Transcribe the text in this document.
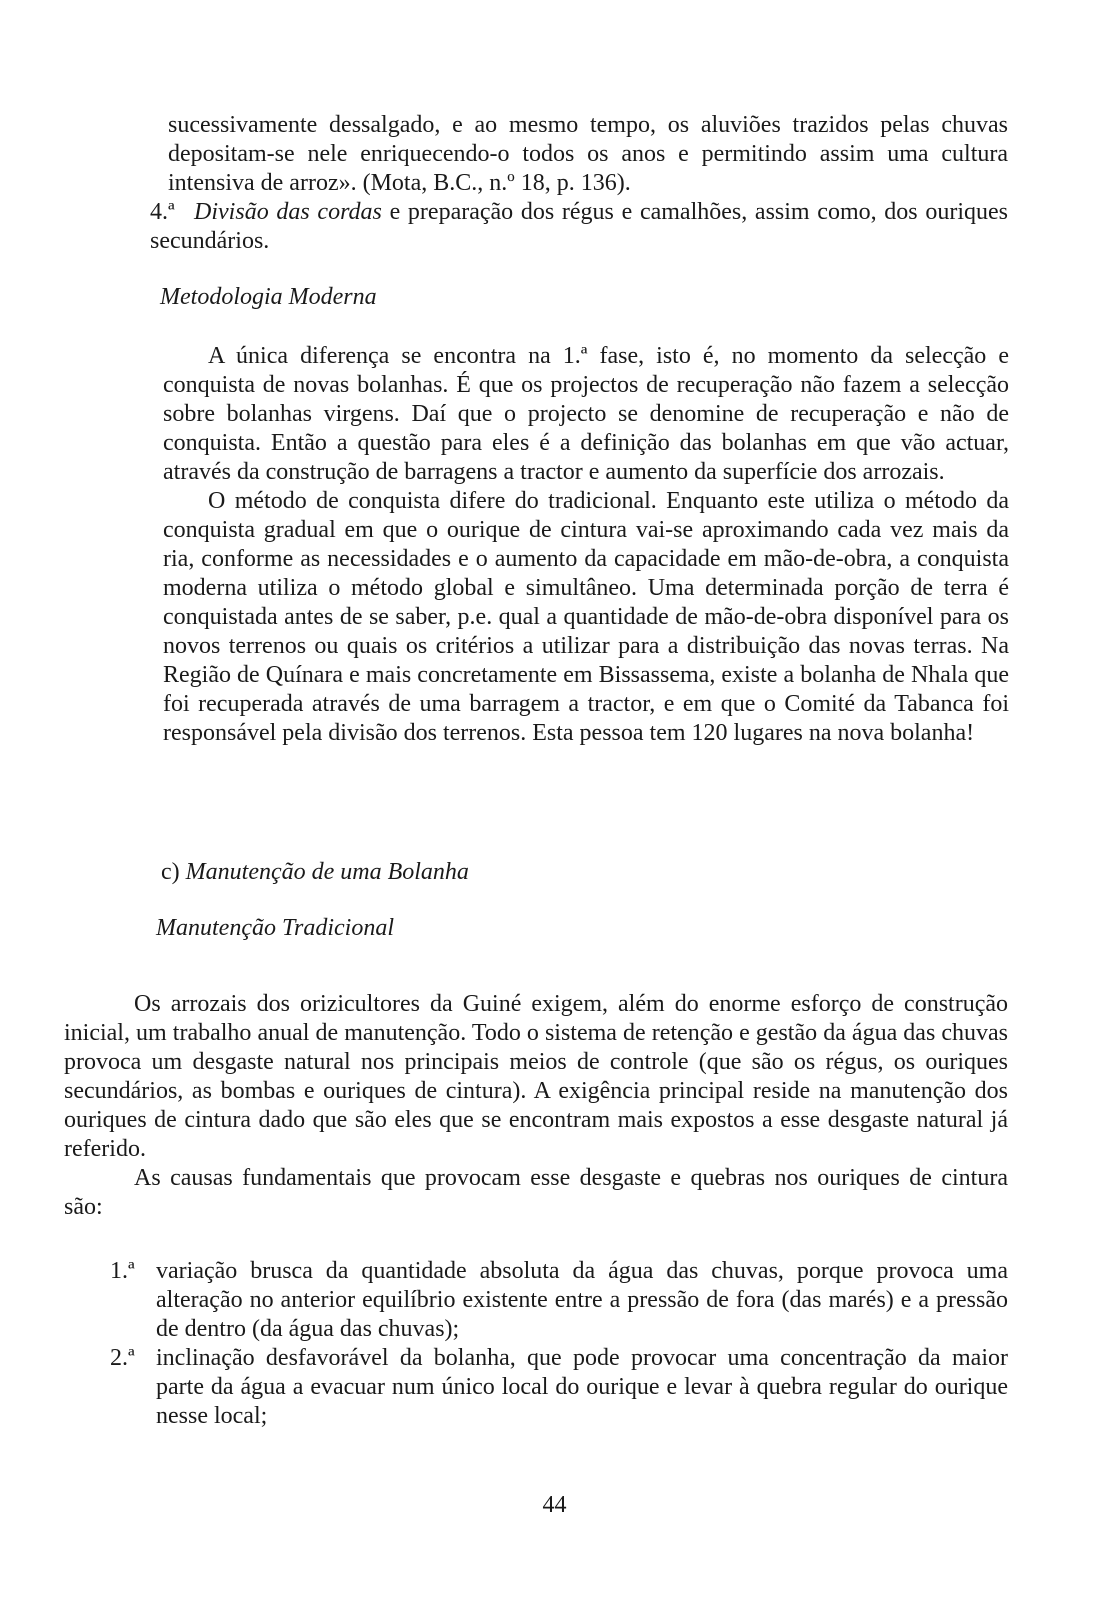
sucessivamente dessalgado, e ao mesmo tempo, os aluviões trazidos pelas chuvas depositam-se nele enriquecendo-o todos os anos e permitindo assim uma cultura intensiva de arroz». (Mota, B.C., n.º 18, p. 136).

4.ª Divisão das cordas e preparação dos régus e camalhões, assim como, dos ouriques secundários.

Metodologia Moderna

A única diferença se encontra na 1.ª fase, isto é, no momento da selecção e conquista de novas bolanhas. É que os projectos de recuperação não fazem a selecção sobre bolanhas virgens. Daí que o projecto se denomine de recuperação e não de conquista. Então a questão para eles é a definição das bolanhas em que vão actuar, através da construção de barragens a tractor e aumento da superfície dos arrozais.

O método de conquista difere do tradicional. Enquanto este utiliza o método da conquista gradual em que o ourique de cintura vai-se aproximando cada vez mais da ria, conforme as necessidades e o aumento da capacidade em mão-de-obra, a conquista moderna utiliza o método global e simultâneo. Uma determinada porção de terra é conquistada antes de se saber, p.e. qual a quantidade de mão-de-obra disponível para os novos terrenos ou quais os critérios a utilizar para a distribuição das novas terras. Na Região de Quínara e mais concretamente em Bissassema, existe a bolanha de Nhala que foi recuperada através de uma barragem a tractor, e em que o Comité da Tabanca foi responsável pela divisão dos terrenos. Esta pessoa tem 120 lugares na nova bolanha!

c) Manutenção de uma Bolanha
Manutenção Tradicional

Os arrozais dos orizicultores da Guiné exigem, além do enorme esforço de construção inicial, um trabalho anual de manutenção. Todo o sistema de retenção e gestão da água das chuvas provoca um desgaste natural nos principais meios de controle (que são os régus, os ouriques secundários, as bombas e ouriques de cintura). A exigência principal reside na manutenção dos ouriques de cintura dado que são eles que se encontram mais expostos a esse desgaste natural já referido.

As causas fundamentais que provocam esse desgaste e quebras nos ouriques de cintura são:

1.ª variação brusca da quantidade absoluta da água das chuvas, porque provoca uma alteração no anterior equilíbrio existente entre a pressão de fora (das marés) e a pressão de dentro (da água das chuvas);
2.ª inclinação desfavorável da bolanha, que pode provocar uma concentração da maior parte da água a evacuar num único local do ourique e levar à quebra regular do ourique nesse local;
44
